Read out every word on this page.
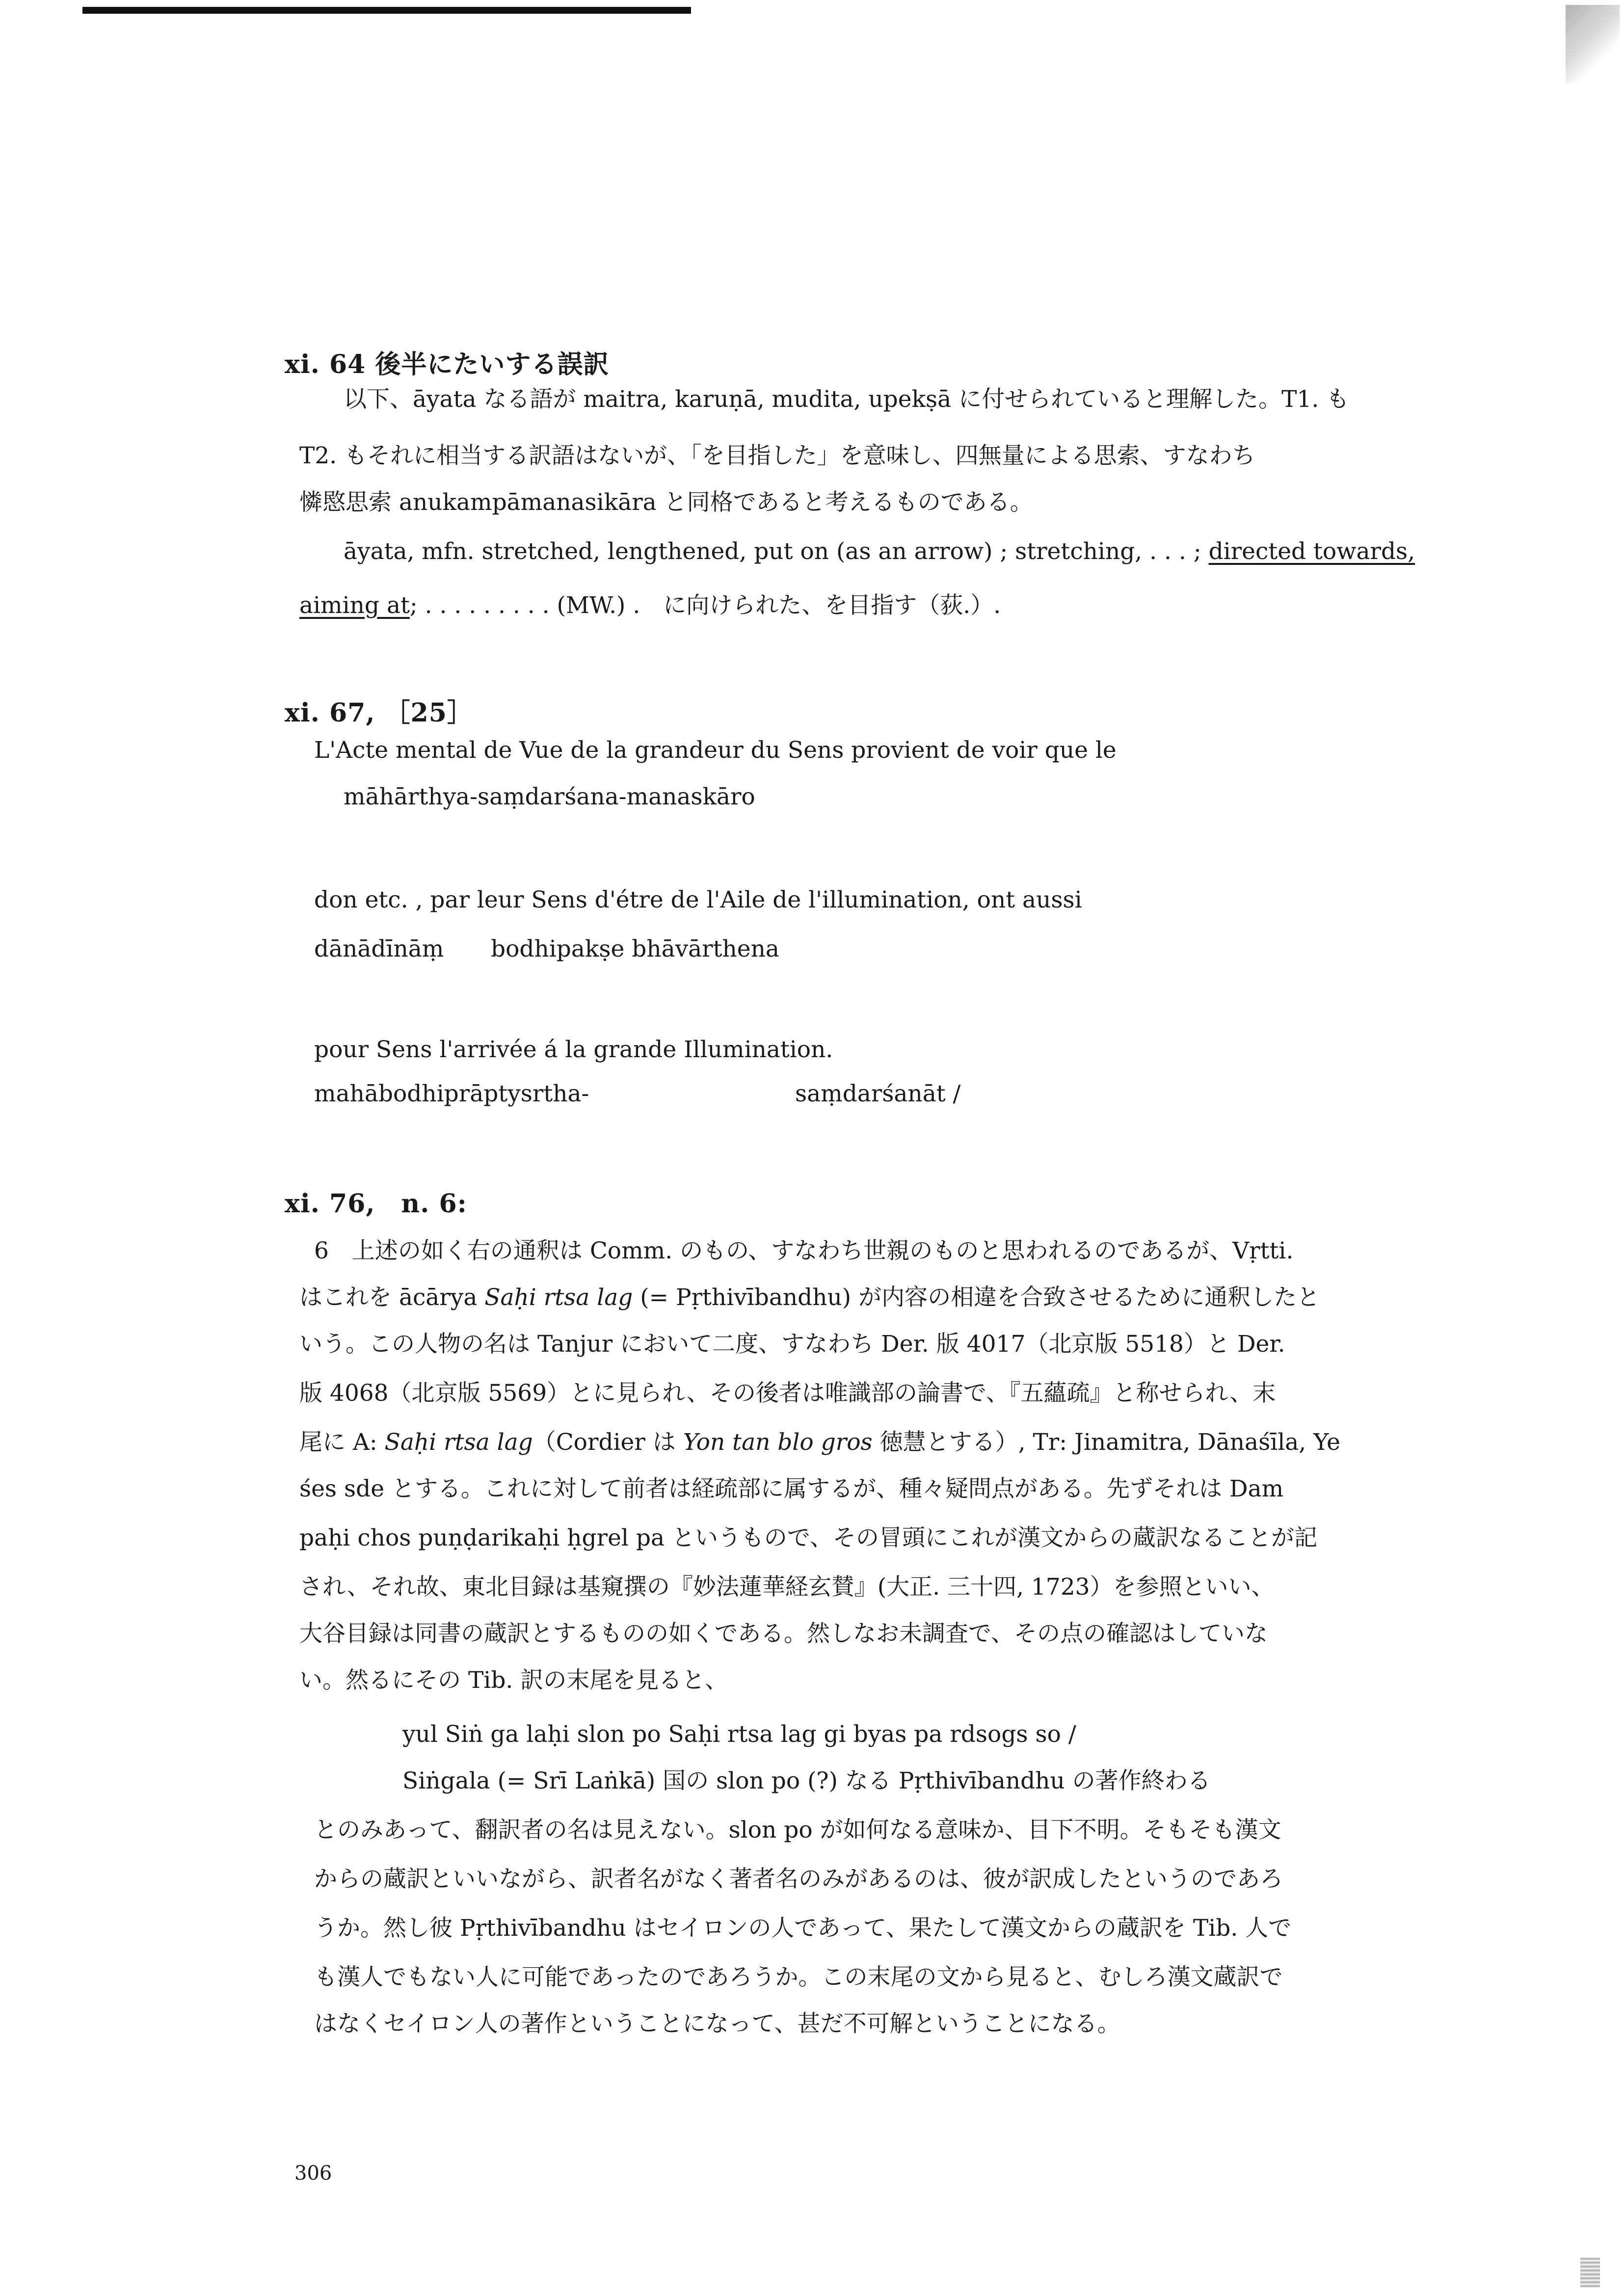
xi. 64 後半にたいする誤訳
以下、āyata なる語が maitra, karuṇā, mudita, upekṣā に付せられていると理解した。T1. も
T2. もそれに相当する訳語はないが、「を目指した」を意味し、四無量による思索、すなわち
憐愍思索 anukampāmanasikāra と同格であると考えるものである。
āyata, mfn. stretched, lengthened, put on (as an arrow) ; stretching, . . . ; directed towards,
aiming at; . . . . . . . . . (MW.) .　に向けられた、を目指す（荻.）.
xi. 67, ［25］
L'Acte mental de Vue de la grandeur du Sens provient de voir que le
māhārthya-saṃdarśana-manaskāro
don etc. , par leur Sens d'étre de l'Aile de l'illumination, ont aussi
dānādīnāṃ bodhipakṣe bhāvārthena
pour Sens l'arrivée á la grande Illumination.
mahābodhiprāptysrtha-	saṃdarśanāt /
xi. 76,　n. 6:
6　上述の如く右の通釈は Comm. のもの、すなわち世親のものと思われるのであるが、Vṛtti.
はこれを ācārya Saḥi rtsa lag (= Pṛthivībandhu) が内容の相違を合致させるために通釈したと
いう。この人物の名は Tanjur において二度、すなわち Der. 版 4017（北京版 5518）と Der.
版 4068（北京版 5569）とに見られ、その後者は唯識部の論書で、『五蘊疏』と称せられ、末
尾に A: Saḥi rtsa lag（Cordier は Yon tan blo gros 徳慧とする）, Tr: Jinamitra, Dānaśīla, Ye
śes sde とする。これに対して前者は経疏部に属するが、種々疑問点がある。先ずそれは Dam
paḥi chos puṇḍarikaḥi ḥgrel pa というもので、その冒頭にこれが漢文からの蔵訳なることが記
され、それ故、東北目録は基窺撰の『妙法蓮華経玄賛』(大正. 三十四, 1723）を参照といい、
大谷目録は同書の蔵訳とするものの如くである。然しなお未調査で、その点の確認はしていな
い。然るにその Tib. 訳の末尾を見ると、
yul Siṅ ga laḥi slon po Saḥi rtsa lag gi byas pa rdsogs so /
Siṅgala (= Srī Laṅkā) 国の slon po (?) なる Pṛthivībandhu の著作終わる
とのみあって、翻訳者の名は見えない。slon po が如何なる意味か、目下不明。そもそも漢文
からの蔵訳といいながら、訳者名がなく著者名のみがあるのは、彼が訳成したというのであろ
うか。然し彼 Pṛthivībandhu はセイロンの人であって、果たして漢文からの蔵訳を Tib. 人で
も漢人でもない人に可能であったのであろうか。この末尾の文から見ると、むしろ漢文蔵訳で
はなくセイロン人の著作ということになって、甚だ不可解ということになる。
306
